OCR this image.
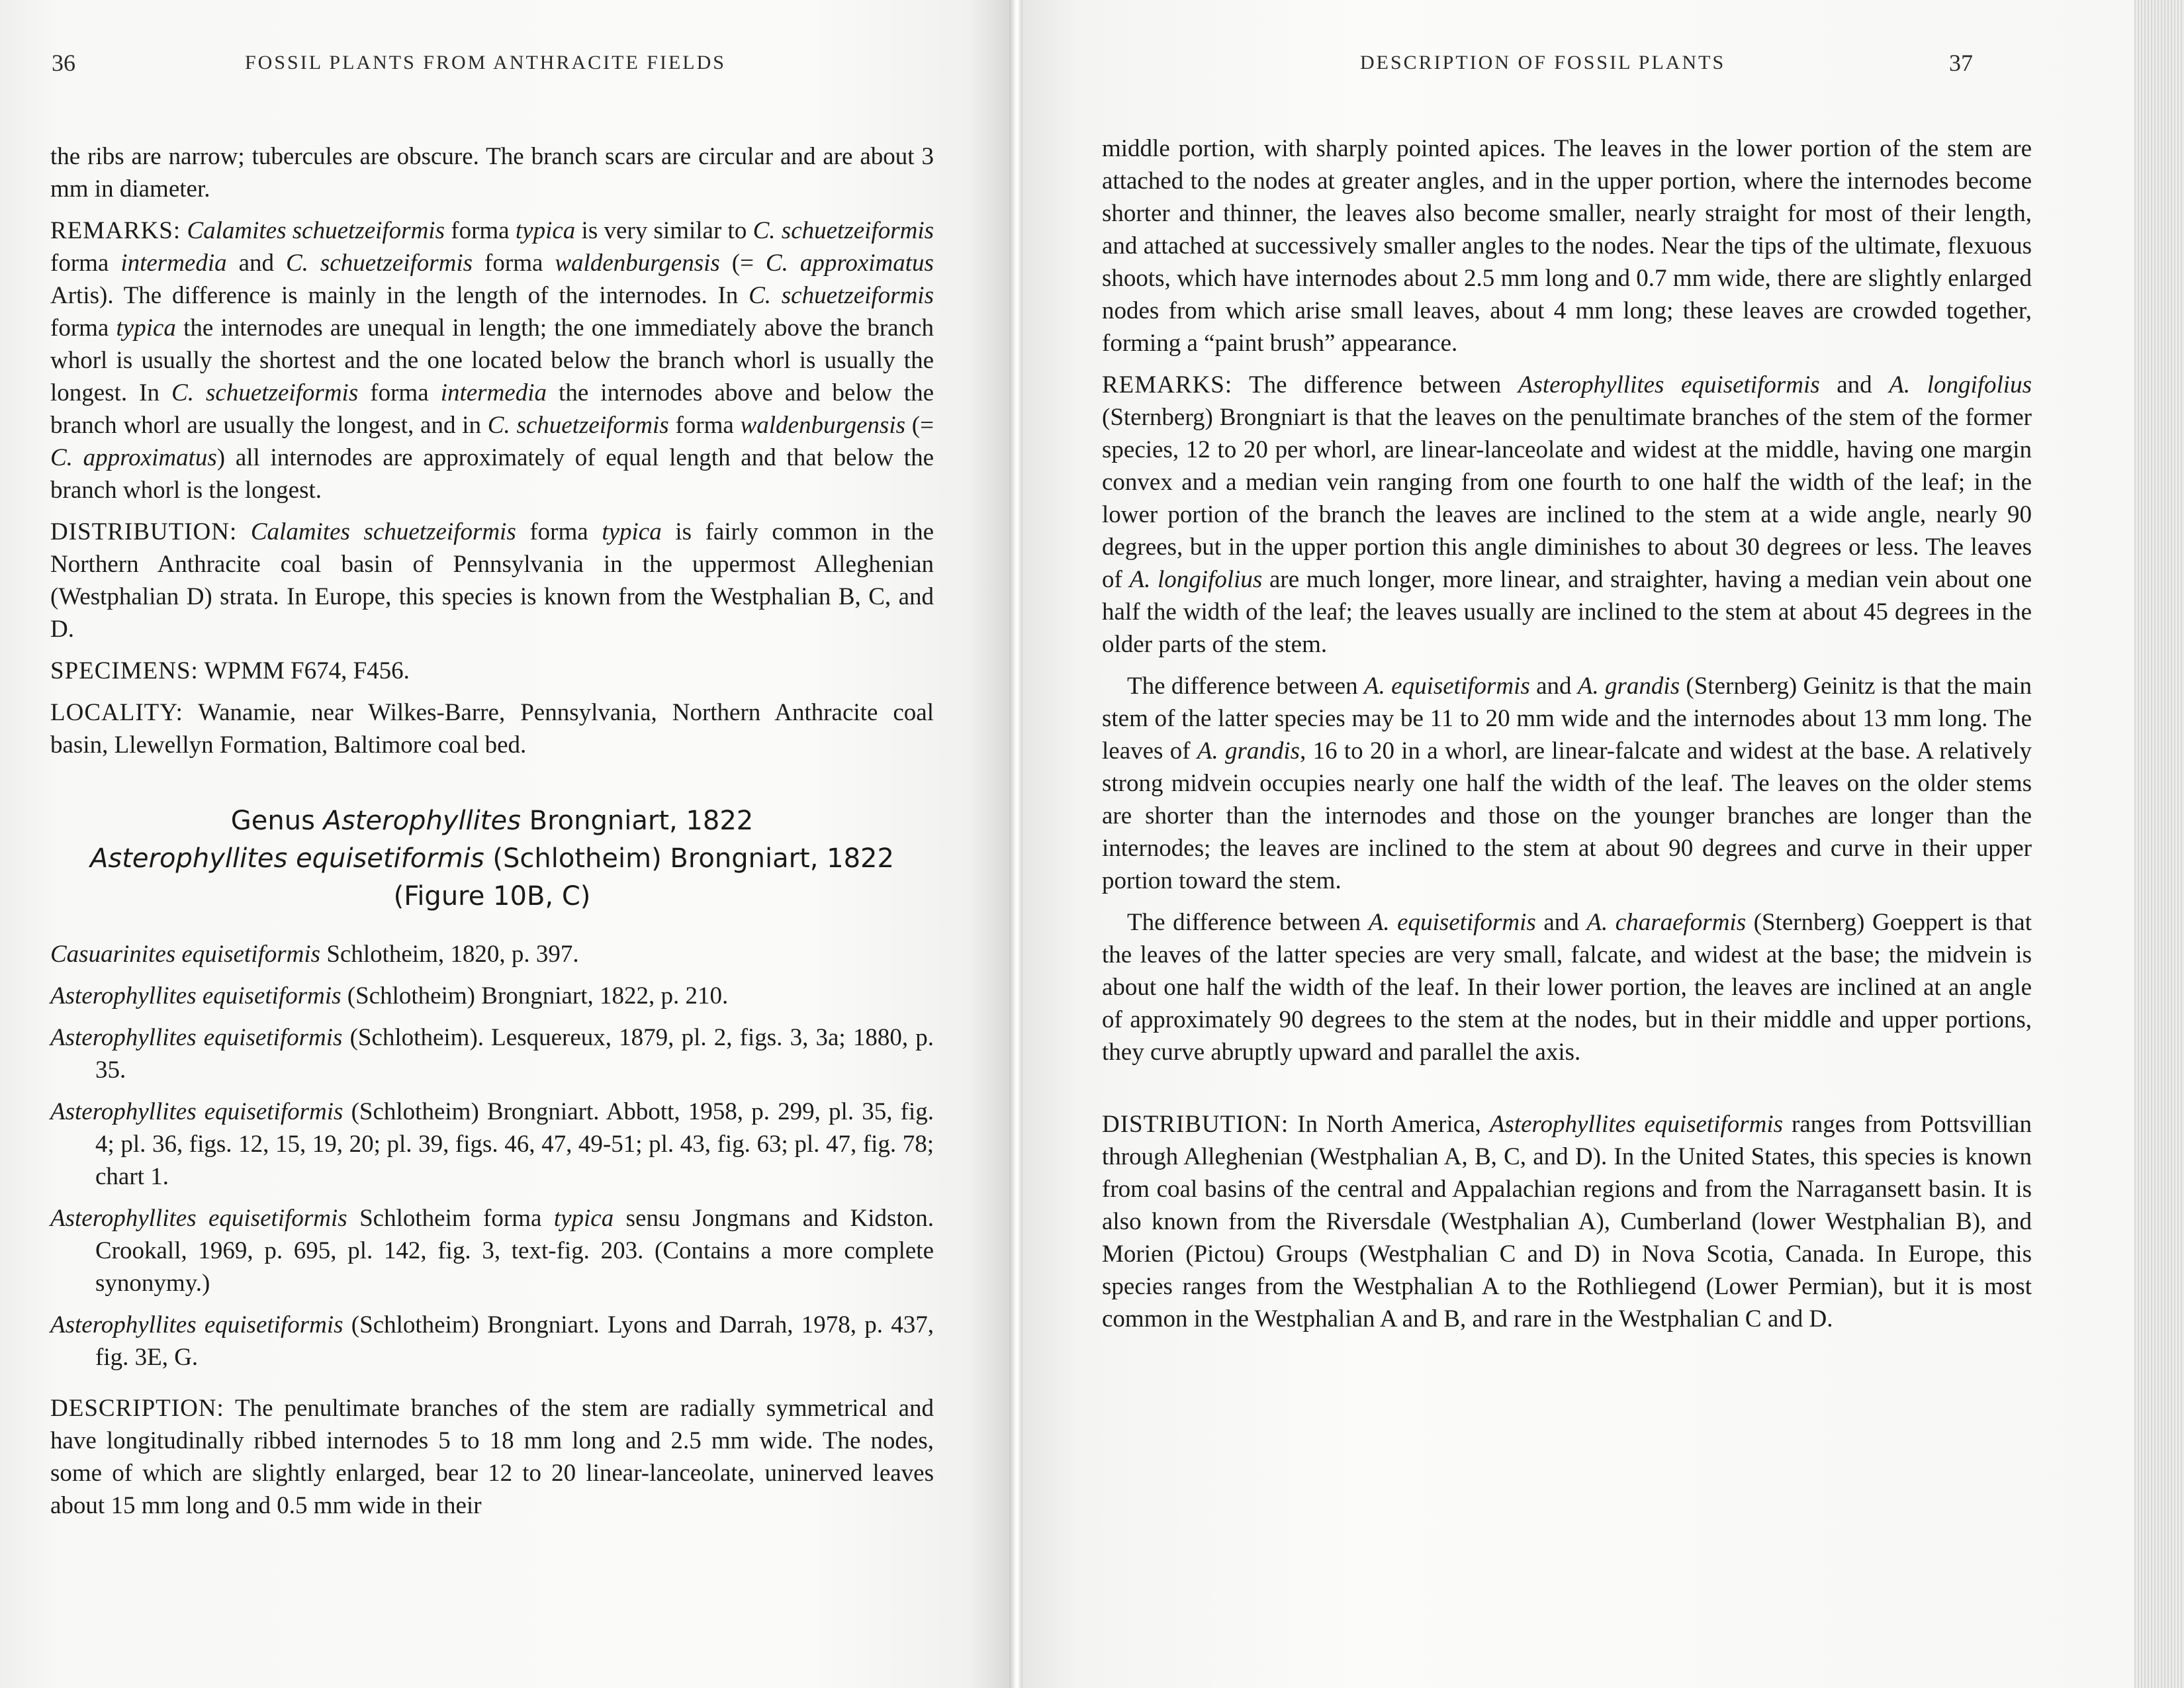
36	FOSSIL PLANTS FROM ANTHRACITE FIELDS

the ribs are narrow; tubercules are obscure. The branch scars are circular and are about 3 mm in diameter.

REMARKS: Calamites schuetzeiformis forma typica is very similar to C. schuetzeiformis forma intermedia and C. schuetzeiformis forma waldenburgensis (= C. approximatus Artis). The difference is mainly in the length of the internodes. In C. schuetzeiformis forma typica the internodes are unequal in length; the one immediately above the branch whorl is usually the shortest and the one located below the branch whorl is usually the longest. In C. schuetzeiformis forma intermedia the internodes above and below the branch whorl are usually the longest, and in C. schuetzeiformis forma waldenburgensis (= C. approximatus) all internodes are approximately of equal length and that below the branch whorl is the longest.

DISTRIBUTION: Calamites schuetzeiformis forma typica is fairly common in the Northern Anthracite coal basin of Pennsylvania in the uppermost Alleghenian (Westphalian D) strata. In Europe, this species is known from the Westphalian B, C, and D.

SPECIMENS: WPMM F674, F456.

LOCALITY: Wanamie, near Wilkes-Barre, Pennsylvania, Northern Anthracite coal basin, Llewellyn Formation, Baltimore coal bed.

Genus Asterophyllites Brongniart, 1822
Asterophyllites equisetiformis (Schlotheim) Brongniart, 1822
(Figure 10B, C)

Casuarinites equisetiformis Schlotheim, 1820, p. 397.

Asterophyllites equisetiformis (Schlotheim) Brongniart, 1822, p. 210.

Asterophyllites equisetiformis (Schlotheim). Lesquereux, 1879, pl. 2, figs. 3, 3a; 1880, p. 35.

Asterophyllites equisetiformis (Schlotheim) Brongniart. Abbott, 1958, p. 299, pl. 35, fig. 4; pl. 36, figs. 12, 15, 19, 20; pl. 39, figs. 46, 47, 49-51; pl. 43, fig. 63; pl. 47, fig. 78; chart 1.

Asterophyllites equisetiformis Schlotheim forma typica sensu Jongmans and Kidston. Crookall, 1969, p. 695, pl. 142, fig. 3, text-fig. 203. (Contains a more complete synonymy.)

Asterophyllites equisetiformis (Schlotheim) Brongniart. Lyons and Darrah, 1978, p. 437, fig. 3E, G.

DESCRIPTION: The penultimate branches of the stem are radially symmetrical and have longitudinally ribbed internodes 5 to 18 mm long and 2.5 mm wide. The nodes, some of which are slightly enlarged, bear 12 to 20 linear-lanceolate, uninerved leaves about 15 mm long and 0.5 mm wide in their

DESCRIPTION OF FOSSIL PLANTS	37

middle portion, with sharply pointed apices. The leaves in the lower portion of the stem are attached to the nodes at greater angles, and in the upper portion, where the internodes become shorter and thinner, the leaves also become smaller, nearly straight for most of their length, and attached at successively smaller angles to the nodes. Near the tips of the ultimate, flexuous shoots, which have internodes about 2.5 mm long and 0.7 mm wide, there are slightly enlarged nodes from which arise small leaves, about 4 mm long; these leaves are crowded together, forming a “paint brush” appearance.

REMARKS: The difference between Asterophyllites equisetiformis and A. longifolius (Sternberg) Brongniart is that the leaves on the penultimate branches of the stem of the former species, 12 to 20 per whorl, are linear-lanceolate and widest at the middle, having one margin convex and a median vein ranging from one fourth to one half the width of the leaf; in the lower portion of the branch the leaves are inclined to the stem at a wide angle, nearly 90 degrees, but in the upper portion this angle diminishes to about 30 degrees or less. The leaves of A. longifolius are much longer, more linear, and straighter, having a median vein about one half the width of the leaf; the leaves usually are inclined to the stem at about 45 degrees in the older parts of the stem.

The difference between A. equisetiformis and A. grandis (Sternberg) Geinitz is that the main stem of the latter species may be 11 to 20 mm wide and the internodes about 13 mm long. The leaves of A. grandis, 16 to 20 in a whorl, are linear-falcate and widest at the base. A relatively strong midvein occupies nearly one half the width of the leaf. The leaves on the older stems are shorter than the internodes and those on the younger branches are longer than the internodes; the leaves are inclined to the stem at about 90 degrees and curve in their upper portion toward the stem.

The difference between A. equisetiformis and A. charaeformis (Sternberg) Goeppert is that the leaves of the latter species are very small, falcate, and widest at the base; the midvein is about one half the width of the leaf. In their lower portion, the leaves are inclined at an angle of approximately 90 degrees to the stem at the nodes, but in their middle and upper portions, they curve abruptly upward and parallel the axis.

DISTRIBUTION: In North America, Asterophyllites equisetiformis ranges from Pottsvillian through Alleghenian (Westphalian A, B, C, and D). In the United States, this species is known from coal basins of the central and Appalachian regions and from the Narragansett basin. It is also known from the Riversdale (Westphalian A), Cumberland (lower Westphalian B), and Morien (Pictou) Groups (Westphalian C and D) in Nova Scotia, Canada. In Europe, this species ranges from the Westphalian A to the Rothliegend (Lower Permian), but it is most common in the Westphalian A and B, and rare in the Westphalian C and D.
